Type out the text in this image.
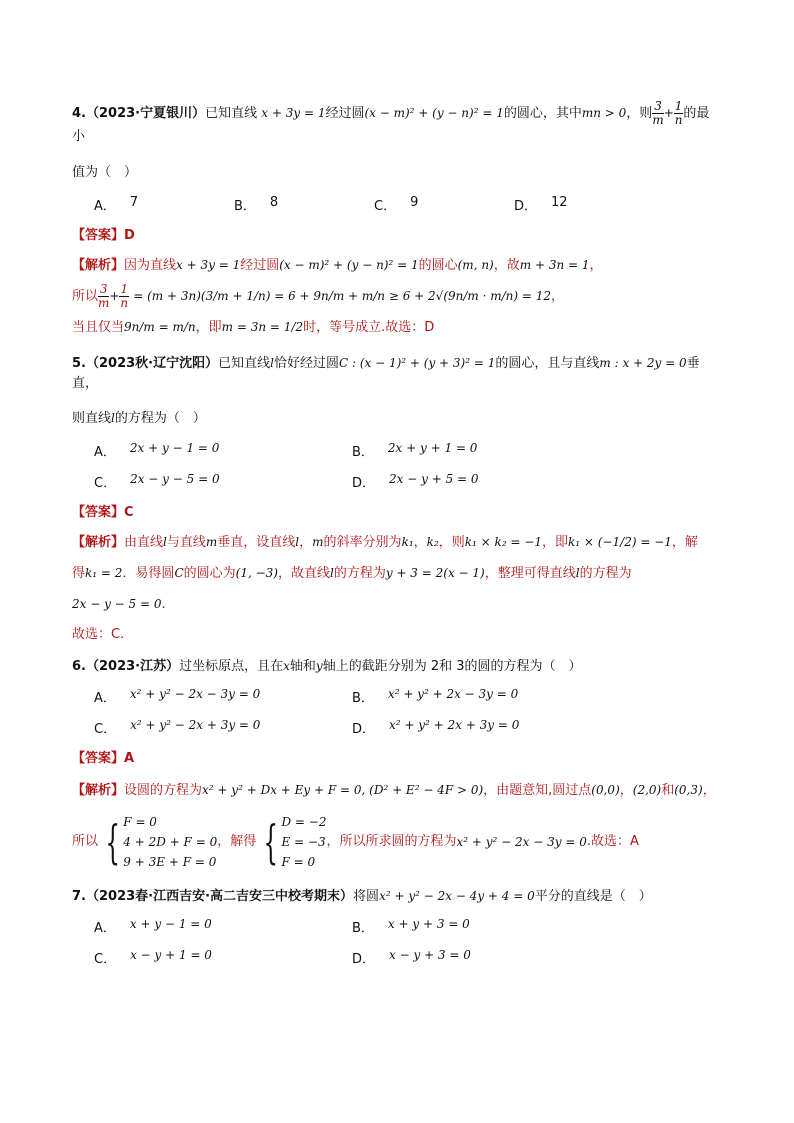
4.（2023·宁夏银川）已知直线 x + 3y = 1经过圆(x − m)² + (y − n)² = 1的圆心，其中mn > 0，则 $\frac{3}{m} + \frac{1}{n}$ 的最小

值为（　）

A． 7	B． 8	C． 9	D． 12

【答案】D

【解析】因为直线x + 3y = 1经过圆(x − m)² + (y − n)² = 1的圆心(m, n)，故m + 3n = 1，
所以 $\frac{3}{m} + \frac{1}{n} = (m + 3n)(3/m + 1/n) = 6 + 9n/m + m/n \ge 6 + 2√(9n/m \cdot m/n) = 12$，
当且仅当9n/m = m/n，即m = 3n = 1/2时，等号成立.故选：D

5.（2023秋·辽宁沈阳）已知直线l恰好经过圆C : (x − 1)² + (y + 3)² = 1的圆心，且与直线m : x + 2y = 0垂直，

则直线l的方程为（　）

A． 2x + y − 1 = 0	B． 2x + y + 1 = 0
C． 2x − y − 5 = 0	D． 2x − y + 5 = 0

【答案】C

【解析】由直线l与直线m垂直，设直线l，m的斜率分别为k₁，k₂，则k₁ × k₂ = −1，即k₁ × (−1/2) = −1，解
得k₁ = 2．易得圆C的圆心为(1, −3)，故直线l的方程为y + 3 = 2(x − 1)，整理可得直线l的方程为
2x − y − 5 = 0.
故选：C.

6.（2023·江苏）过坐标原点，且在x轴和y轴上的截距分别为 2和 3的圆的方程为（　）

A． x² + y² − 2x − 3y = 0	B． x² + y² + 2x − 3y = 0
C． x² + y² − 2x + 3y = 0	D． x² + y² + 2x + 3y = 0

【答案】A

【解析】设圆的方程为x² + y² + Dx + Ey + F = 0, (D² + E² − 4F > 0)，由题意知,圆过点(0,0)，(2,0)和(0,3)，
所以 { F = 0
4 + 2D + F = 0
9 + 3E + F = 0
，解得 { D = −2
E = −3
F = 0
，所以所求圆的方程为 x² + y² − 2x − 3y = 0 .故选： A

7.（2023春·江西吉安·高二吉安三中校考期末）将圆x² + y² − 2x − 4y + 4 = 0平分的直线是（　）

A． x + y − 1 = 0	B． x + y + 3 = 0
C． x − y + 1 = 0	D． x − y + 3 = 0
